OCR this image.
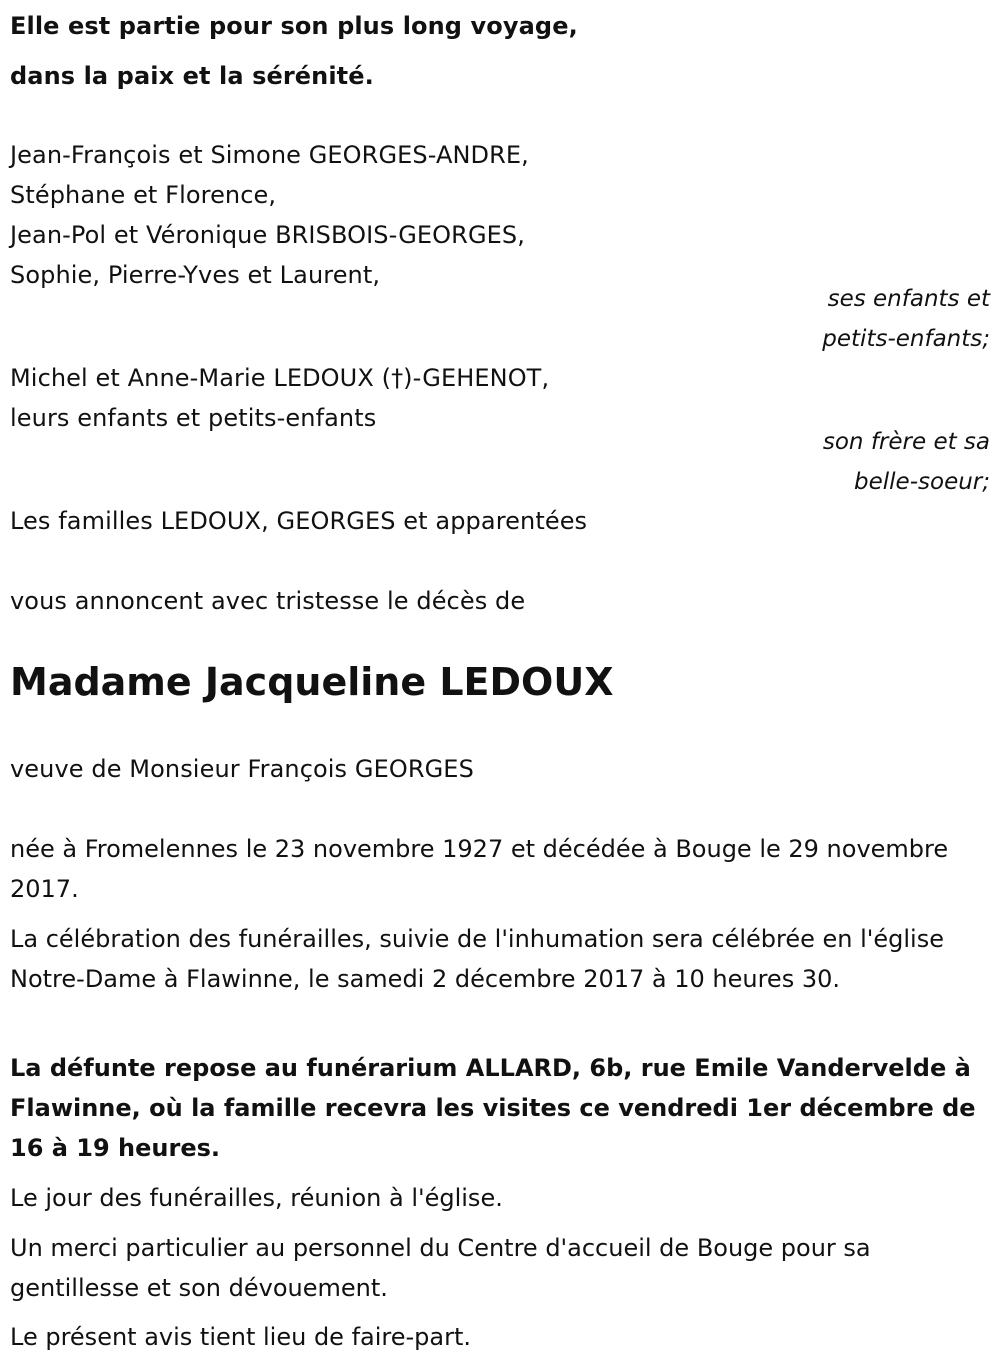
Elle est partie pour son plus long voyage,
dans la paix et la sérénité.
Jean-François et Simone GEORGES-ANDRE,
Stéphane et Florence,
Jean-Pol et Véronique BRISBOIS-GEORGES,
Sophie, Pierre-Yves et Laurent,
ses enfants et
petits-enfants;
Michel et Anne-Marie LEDOUX (†)-GEHENOT,
leurs enfants et petits-enfants
son frère et sa
belle-soeur;
Les familles LEDOUX, GEORGES et apparentées
vous annoncent avec tristesse le décès de
Madame Jacqueline LEDOUX
veuve de Monsieur François GEORGES
née à Fromelennes le 23 novembre 1927 et décédée à Bouge le 29 novembre 2017.
La célébration des funérailles, suivie de l'inhumation sera célébrée en l'église Notre-Dame à Flawinne, le samedi 2 décembre 2017 à 10 heures 30.
La défunte repose au funérarium ALLARD, 6b, rue Emile Vandervelde à Flawinne, où la famille recevra les visites ce vendredi 1er décembre de 16 à 19 heures.
Le jour des funérailles, réunion à l'église.
Un merci particulier au personnel du Centre d'accueil de Bouge pour sa gentillesse et son dévouement.
Le présent avis tient lieu de faire-part.
